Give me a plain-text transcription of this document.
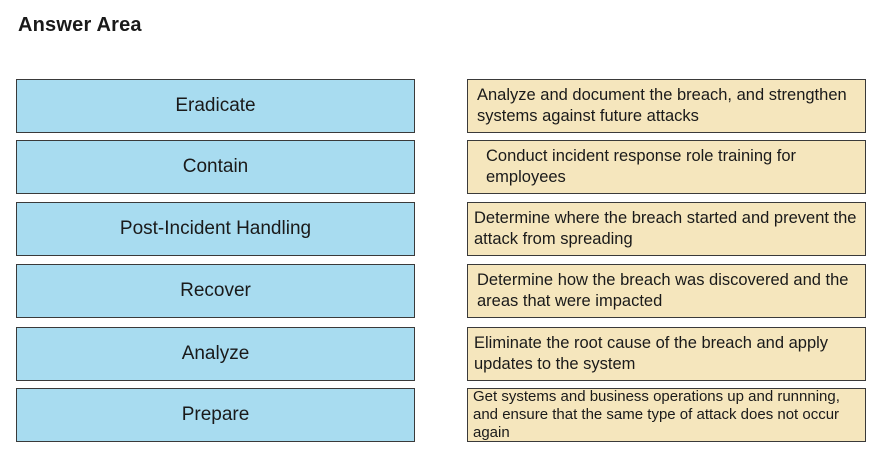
Answer Area
Eradicate
Contain
Post-Incident Handling
Recover
Analyze
Prepare
Analyze and document the breach, and strengthen systems against future attacks
Conduct incident response role training for employees
Determine where the breach started and prevent the attack from spreading
Determine how the breach was discovered and the areas that were impacted
Eliminate the root cause of the breach and apply updates to the system
Get systems and business operations up and runnning, and ensure that the same type of attack does not occur again
